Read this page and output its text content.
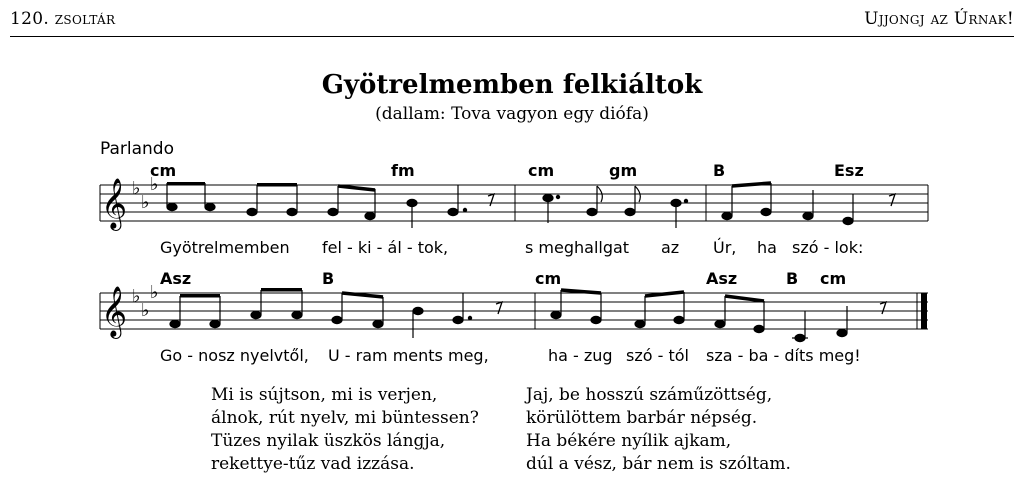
120. zsoltár	Ujjongj az Úrnak!
Gyötrelmemben felkiáltok
(dallam: Tova vagyon egy diófa)
Parlando
cm	fm	cm	gm	B	Esz
𝄞 ♭
♭
♭
Gyötrelmemben fel - ki - ál - tok,	s meghallgat az Úr, ha szó - lok:
Asz	B	cm	Asz	B cm
𝄞 ♭
♭
♭
Go - nosz nyelvtől, U - ram ments meg,	ha - zug szó - tól sza - ba - díts meg!
Mi is sújtson, mi is verjen,
álnok, rút nyelv, mi büntessen?
Tüzes nyilak üszkös lángja,
rekettye-tűz vad izzása.
Jaj, be hosszú száműzöttség,
körülöttem barbár népség.
Ha békére nyílik ajkam,
dúl a vész, bár nem is szóltam.
